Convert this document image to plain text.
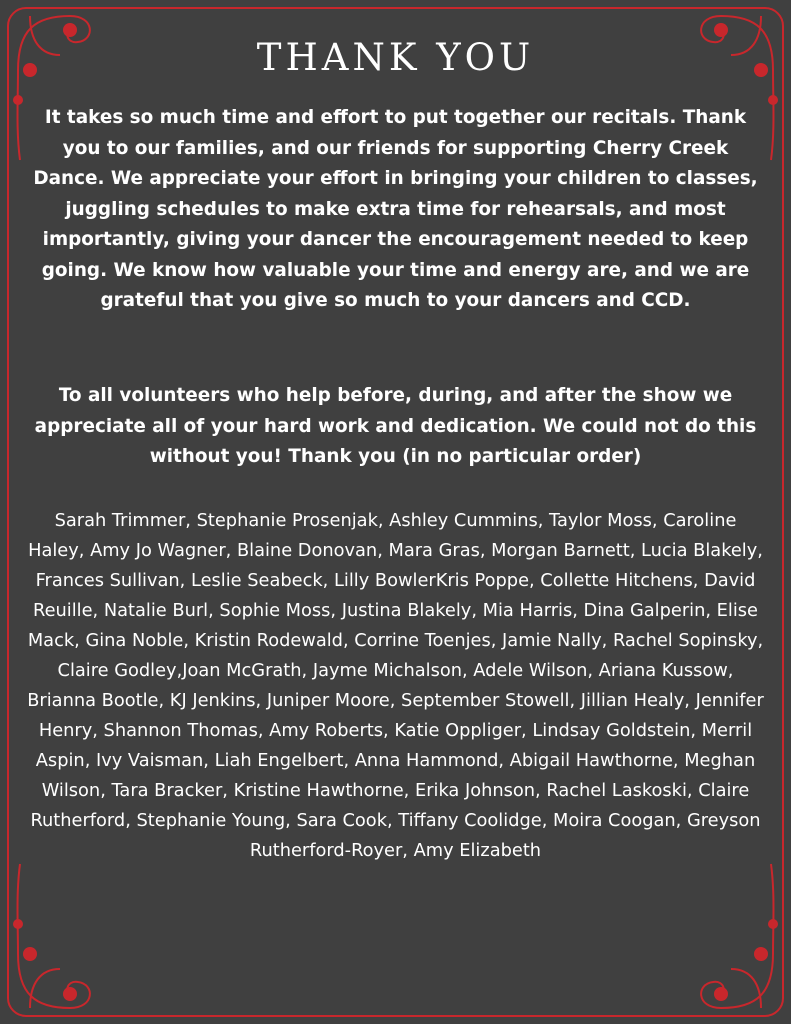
THANK YOU

It takes so much time and effort to put together our recitals. Thank you to our families, and our friends for supporting Cherry Creek Dance. We appreciate your effort in bringing your children to classes, juggling schedules to make extra time for rehearsals, and most importantly, giving your dancer the encouragement needed to keep going. We know how valuable your time and energy are, and we are grateful that you give so much to your dancers and CCD.

To all volunteers who help before, during, and after the show we appreciate all of your hard work and dedication. We could not do this without you! Thank you (in no particular order)

Sarah Trimmer, Stephanie Prosenjak, Ashley Cummins, Taylor Moss, Caroline Haley, Amy Jo Wagner, Blaine Donovan, Mara Gras, Morgan Barnett, Lucia Blakely, Frances Sullivan, Leslie Seabeck, Lilly BowlerKris Poppe, Collette Hitchens, David Reuille, Natalie Burl, Sophie Moss, Justina Blakely, Mia Harris, Dina Galperin, Elise Mack, Gina Noble, Kristin Rodewald, Corrine Toenjes, Jamie Nally, Rachel Sopinsky, Claire Godley,Joan McGrath, Jayme Michalson, Adele Wilson, Ariana Kussow, Brianna Bootle, KJ Jenkins, Juniper Moore, September Stowell, Jillian Healy, Jennifer Henry, Shannon Thomas, Amy Roberts, Katie Oppliger, Lindsay Goldstein, Merril Aspin, Ivy Vaisman, Liah Engelbert, Anna Hammond, Abigail Hawthorne, Meghan Wilson, Tara Bracker, Kristine Hawthorne, Erika Johnson, Rachel Laskoski, Claire Rutherford, Stephanie Young, Sara Cook, Tiffany Coolidge, Moira Coogan, Greyson Rutherford-Royer, Amy Elizabeth
